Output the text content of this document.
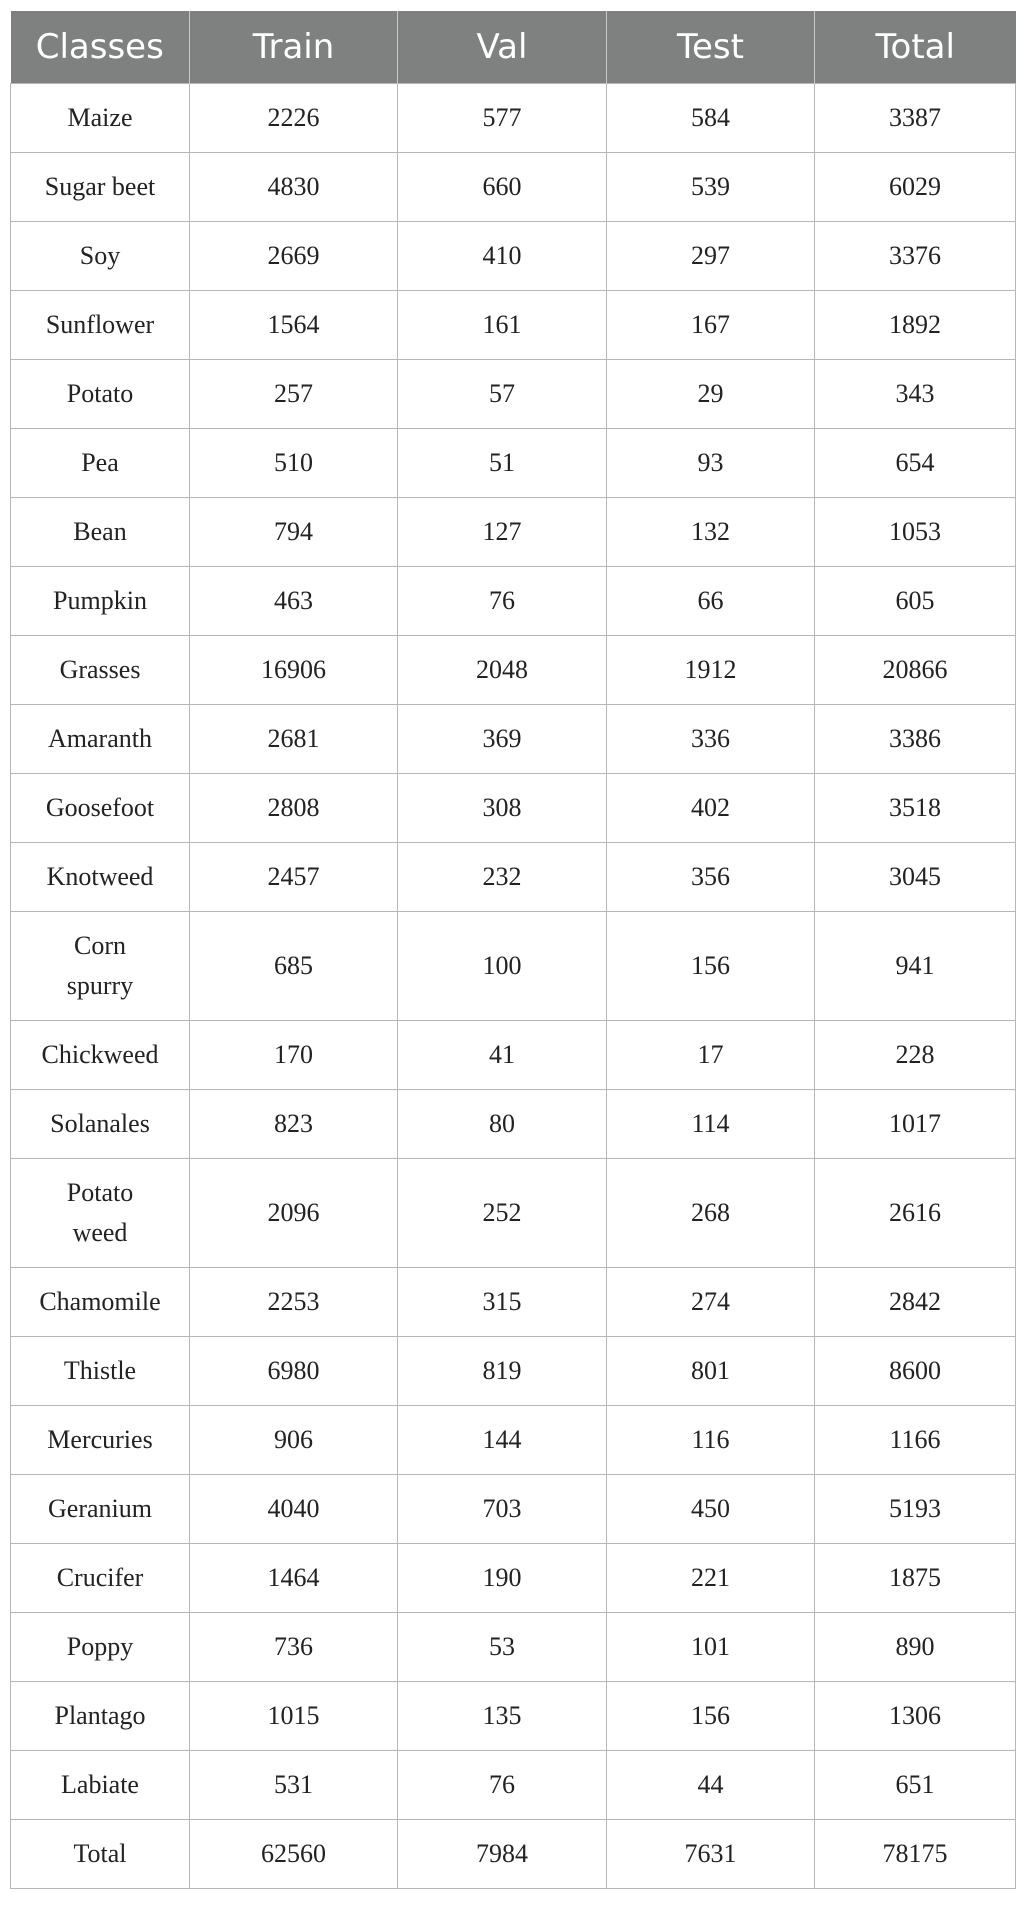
Classes	Train	Val	Test	Total
Maize	2226	577	584	3387
Sugar beet	4830	660	539	6029
Soy	2669	410	297	3376
Sunflower	1564	161	167	1892
Potato	257	57	29	343
Pea	510	51	93	654
Bean	794	127	132	1053
Pumpkin	463	76	66	605
Grasses	16906	2048	1912	20866
Amaranth	2681	369	336	3386
Goosefoot	2808	308	402	3518
Knotweed	2457	232	356	3045
Corn spurry	685	100	156	941
Chickweed	170	41	17	228
Solanales	823	80	114	1017
Potato weed	2096	252	268	2616
Chamomile	2253	315	274	2842
Thistle	6980	819	801	8600
Mercuries	906	144	116	1166
Geranium	4040	703	450	5193
Crucifer	1464	190	221	1875
Poppy	736	53	101	890
Plantago	1015	135	156	1306
Labiate	531	76	44	651
Total	62560	7984	7631	78175
